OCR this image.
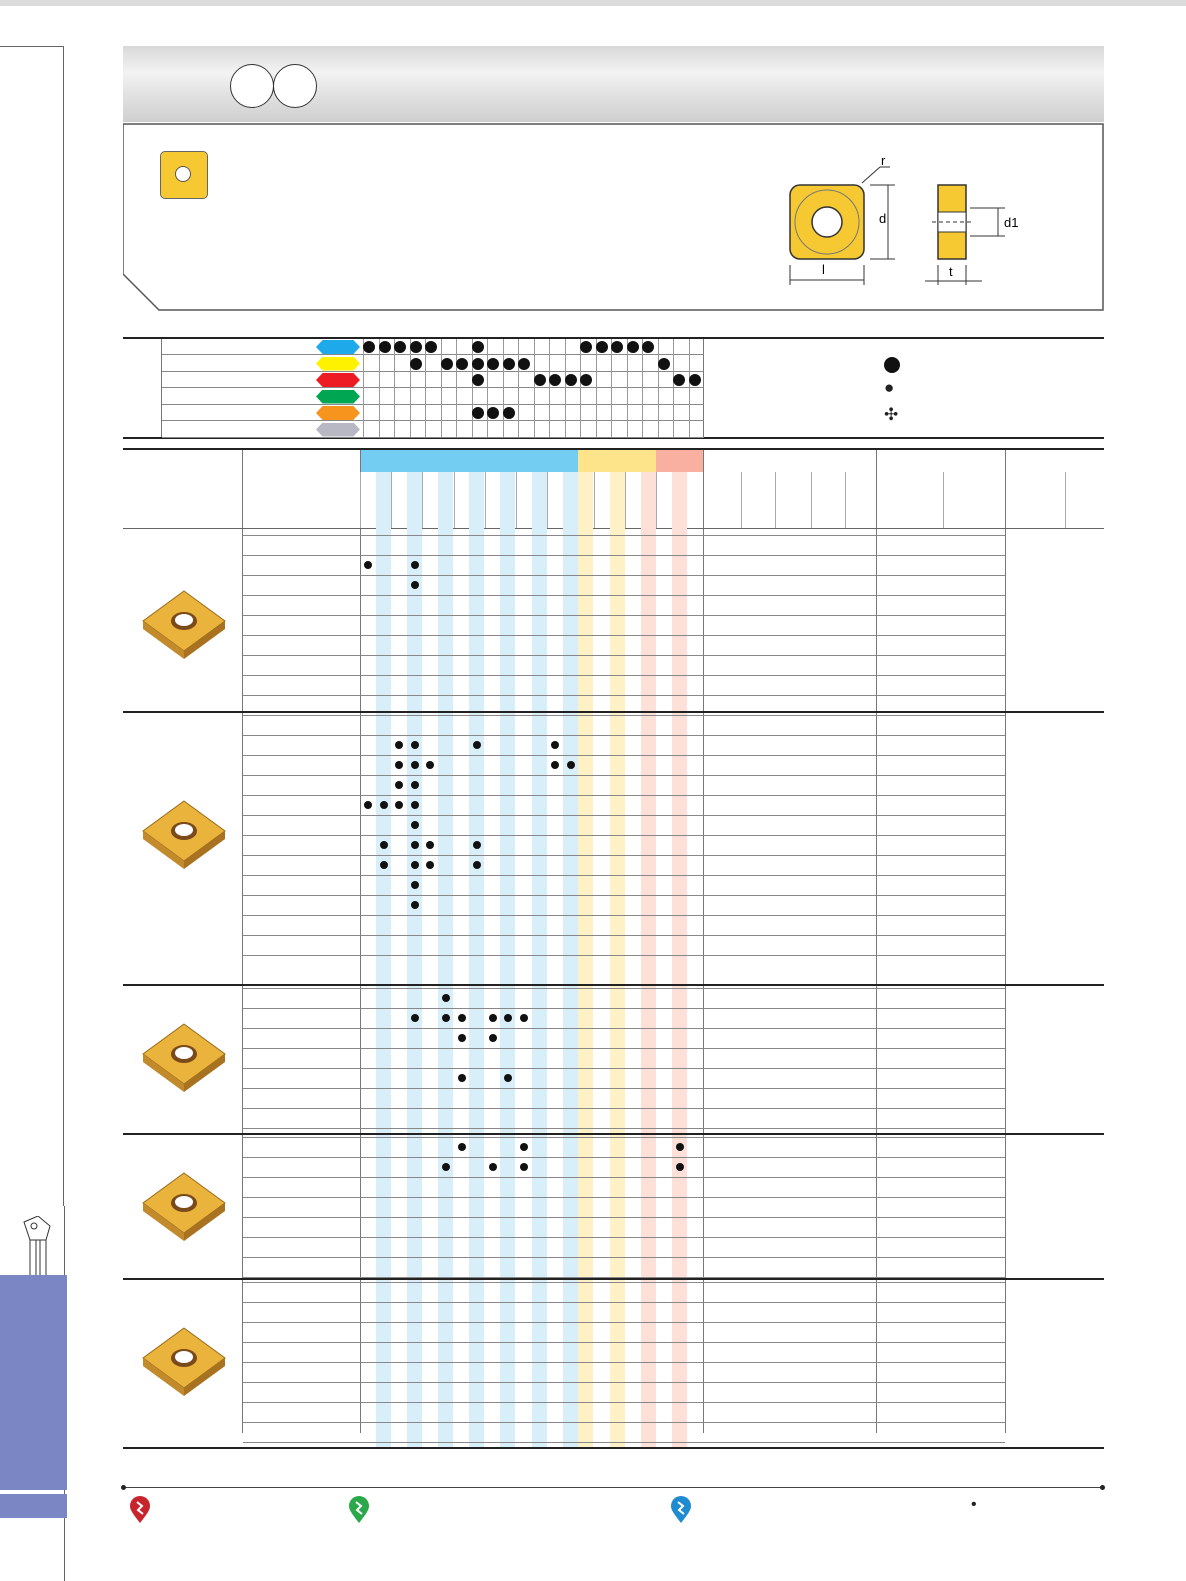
d
l
r
d1
t
●
✣
•
